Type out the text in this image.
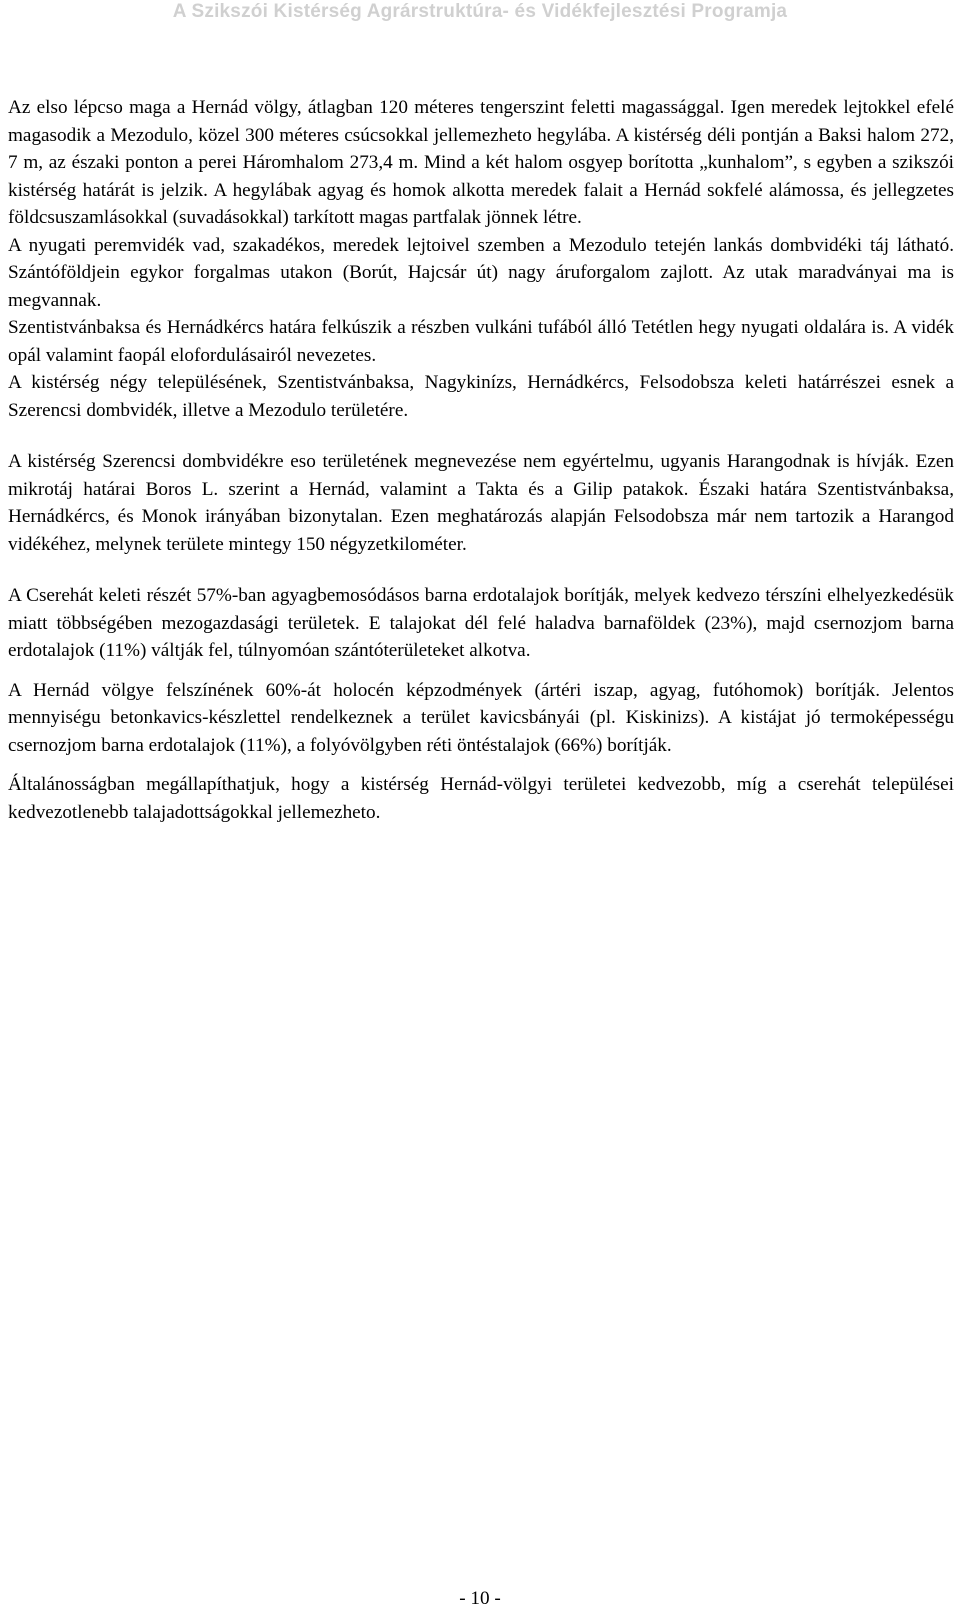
A Szikszói Kistérség Agrárstruktúra- és Vidékfejlesztési Programja

Az elso lépcso maga a Hernád völgy, átlagban 120 méteres tengerszint feletti magassággal. Igen meredek lejtokkel efelé magasodik a Mezodulo, közel 300 méteres csúcsokkal jellemezheto hegylába. A kistérség déli pontján a Baksi halom 272, 7 m, az északi ponton a perei Háromhalom 273,4 m. Mind a két halom osgyep borította „kunhalom”, s egyben a szikszói kistérség határát is jelzik. A hegylábak agyag és homok alkotta meredek falait a Hernád sokfelé alámossa, és jellegzetes földcsuszamlásokkal (suvadásokkal) tarkított magas partfalak jönnek létre.

A nyugati peremvidék vad, szakadékos, meredek lejtoivel szemben a Mezodulo tetején lankás dombvidéki táj látható. Szántóföldjein egykor forgalmas utakon (Borút, Hajcsár út) nagy áruforgalom zajlott. Az utak maradványai ma is megvannak.

Szentistvánbaksa és Hernádkércs határa felkúszik a részben vulkáni tufából álló Tetétlen hegy nyugati oldalára is. A vidék opál valamint faopál elofordulásairól nevezetes.

A kistérség négy településének, Szentistvánbaksa, Nagykinízs, Hernádkércs, Felsodobsza keleti határrészei esnek a Szerencsi dombvidék, illetve a Mezodulo területére.

A kistérség Szerencsi dombvidékre eso területének megnevezése nem egyértelmu, ugyanis Harangodnak is hívják. Ezen mikrotáj határai Boros L. szerint a Hernád, valamint a Takta és a Gilip patakok. Északi határa Szentistvánbaksa, Hernádkércs, és Monok irányában bizonytalan. Ezen meghatározás alapján Felsodobsza már nem tartozik a Harangod vidékéhez, melynek területe mintegy 150 négyzetkilométer.

A Cserehát keleti részét 57%-ban agyagbemosódásos barna erdotalajok borítják, melyek kedvezo térszíni elhelyezkedésük miatt többségében mezogazdasági területek. E talajokat dél felé haladva barnaföldek (23%), majd csernozjom barna erdotalajok (11%) váltják fel, túlnyomóan szántóterületeket alkotva.

A Hernád völgye felszínének 60%-át holocén képzodmények (ártéri iszap, agyag, futóhomok) borítják. Jelentos mennyiségu betonkavics-készlettel rendelkeznek a terület kavicsbányái (pl. Kiskinizs). A kistájat jó termoképességu csernozjom barna erdotalajok (11%), a folyóvölgyben réti öntéstalajok (66%) borítják.

Általánosságban megállapíthatjuk, hogy a kistérség Hernád-völgyi területei kedvezobb, míg a cserehát települései kedvezotlenebb talajadottságokkal jellemezheto.

- 10 -
